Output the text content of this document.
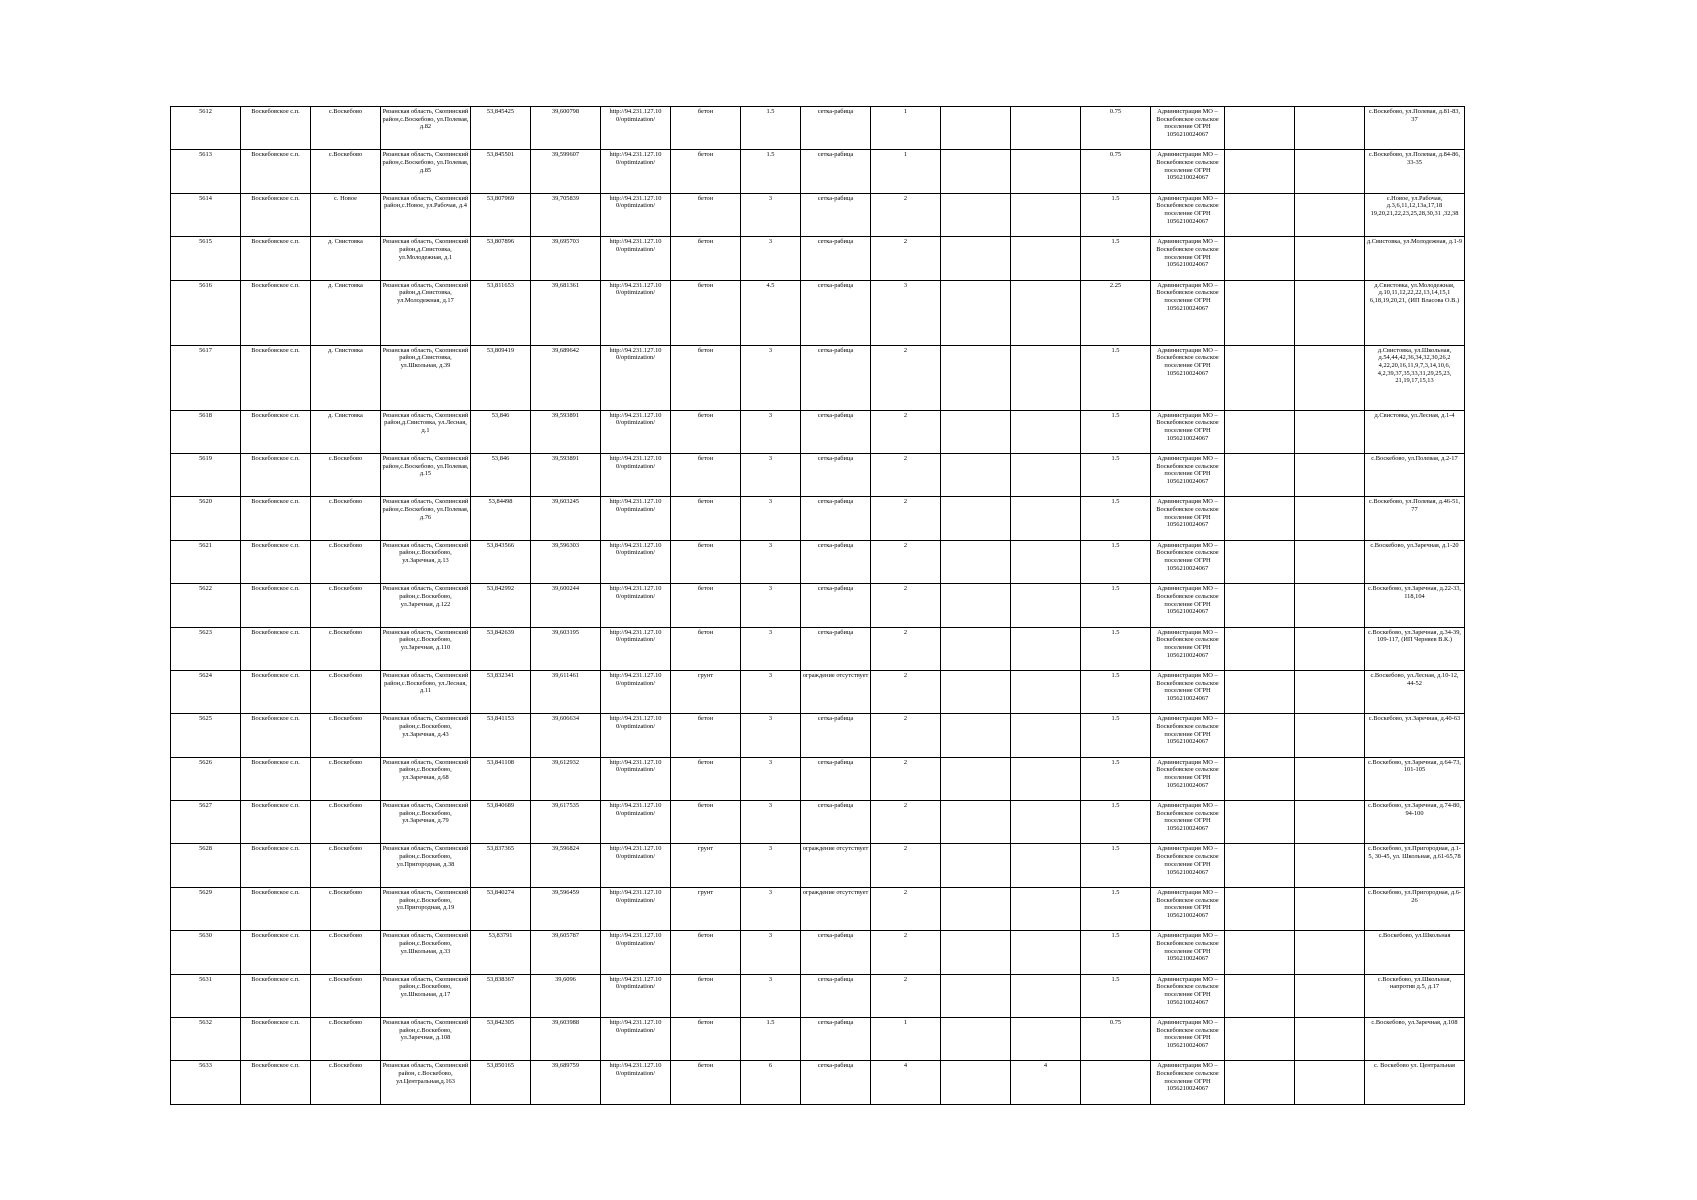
5612	Воскебовское с.п.	с.Воскебово	Рязанская область, Скопинский район,с.Воскебово, ул.Полевая, д.82	53,845425	39,600798	http://94.231.127.10 0/optimization/	бетон	1.5	сетка-рабица	1			0.75	Администрация МО – Воскебовское сельское поселение ОГРН 1056210024067			с.Воскебово, ул.Полевая, д.81-83, 37
5613	Воскебовское с.п.	с.Воскебово	Рязанская область, Скопинский район,с.Воскебово, ул.Полевая, д.85	53,845501	39,599607	http://94.231.127.10 0/optimization/	бетон	1.5	сетка-рабица	1			0.75	Администрация МО – Воскебовское сельское поселение ОГРН 1056210024067			с.Воскебово, ул.Полевая, д.84-86, 33-35
5614	Воскебовское с.п.	с. Новое	Рязанская область, Скопинский район,с.Новое, ул.Рабочая, д.4	53,807969	39,705839	http://94.231.127.10 0/optimization/	бетон	3	сетка-рабица	2			1.5	Администрация МО – Воскебовское сельское поселение ОГРН 1056210024067			с.Новое, ул.Рабочая, д.3,6,11,12,13а,17,18 19,20,21,22,23,25,28,30,31 ,32,38
5615	Воскебовское с.п.	д. Свистовка	Рязанская область, Скопинский район,д.Свистовка, ул.Молодежная, д.1	53,807896	39,695703	http://94.231.127.10 0/optimization/	бетон	3	сетка-рабица	2			1.5	Администрация МО – Воскебовское сельское поселение ОГРН 1056210024067			д.Свистовка, ул.Молодежная, д.1-9
5616	Воскебовское с.п.	д. Свистовка	Рязанская область, Скопинский район,д.Свистовка, ул.Молодежная, д.17	53,811653	39,681361	http://94.231.127.10 0/optimization/	бетон	4.5	сетка-рабица	3			2.25	Администрация МО – Воскебовское сельское поселение ОГРН 1056210024067			д.Свистовка, ул.Молодежная, д.10,11,12,22,22,13,14,15,1 6,18,19,20,21, (ИП Власова О.В.)
5617	Воскебовское с.п.	д. Свистовка	Рязанская область, Скопинский район,д.Свистовка, ул.Школьная, д.39	53,809419	39,689642	http://94.231.127.10 0/optimization/	бетон	3	сетка-рабица	2			1.5	Администрация МО – Воскебовское сельское поселение ОГРН 1056210024067			д.Свистовка, ул.Школьная, д.54,44,42,36,34,32,30,26,2 4,22,20,16,11,9,7,3,14,10,6, 4,2,39,37,35,33,31,29,25,23, 21,19,17,15,13
5618	Воскебовское с.п.	д. Свистовка	Рязанская область, Скопинский район,д.Свистовка, ул.Лесная, д.1	53,846	39,593891	http://94.231.127.10 0/optimization/	бетон	3	сетка-рабица	2			1.5	Администрация МО – Воскебовское сельское поселение ОГРН 1056210024067			д.Свистовка, ул.Лесная, д.1-4
5619	Воскебовское с.п.	с.Воскебово	Рязанская область, Скопинский район,с.Воскебово, ул.Полевая, д.15	53,846	39,593891	http://94.231.127.10 0/optimization/	бетон	3	сетка-рабица	2			1.5	Администрация МО – Воскебовское сельское поселение ОГРН 1056210024067			с.Воскебово, ул.Полевая, д.2-17
5620	Воскебовское с.п.	с.Воскебово	Рязанская область, Скопинский район,с.Воскебово, ул.Полевая, д.76	53,84498	39,603245	http://94.231.127.10 0/optimization/	бетон	3	сетка-рабица	2			1.5	Администрация МО – Воскебовское сельское поселение ОГРН 1056210024067			с.Воскебово, ул.Полевая, д.46-51, 77
5621	Воскебовское с.п.	с.Воскебово	Рязанская область, Скопинский район,с.Воскебово, ул.Заречная, д.13	53,843566	39,596303	http://94.231.127.10 0/optimization/	бетон	3	сетка-рабица	2			1.5	Администрация МО – Воскебовское сельское поселение ОГРН 1056210024067			с.Воскебово, ул.Заречная, д.1-20
5622	Воскебовское с.п.	с.Воскебово	Рязанская область, Скопинский район,с.Воскебово, ул.Заречная, д.122	53,842992	39,600244	http://94.231.127.10 0/optimization/	бетон	3	сетка-рабица	2			1.5	Администрация МО – Воскебовское сельское поселение ОГРН 1056210024067			с.Воскебово, ул.Заречная, д.22-33, 118,104
5623	Воскебовское с.п.	с.Воскебово	Рязанская область, Скопинский район,с.Воскебово, ул.Заречная, д.110	53,842639	39,603195	http://94.231.127.10 0/optimization/	бетон	3	сетка-рабица	2			1.5	Администрация МО – Воскебовское сельское поселение ОГРН 1056210024067			с.Воскебово, ул.Заречная, д.34-39, 109-117, (ИП Черняев В.К.)
5624	Воскебовское с.п.	с.Воскебово	Рязанская область, Скопинский район,с.Воскебово, ул.Лесная, д.11	53,832341	39,611461	http://94.231.127.10 0/optimization/	грунт	3	ограждение отсутствует	2			1.5	Администрация МО – Воскебовское сельское поселение ОГРН 1056210024067			с.Воскебово, ул.Лесная, д.10-12, 44-52
5625	Воскебовское с.п.	с.Воскебово	Рязанская область, Скопинский район,с.Воскебово, ул.Заречная, д.43	53,841153	39,606634	http://94.231.127.10 0/optimization/	бетон	3	сетка-рабица	2			1.5	Администрация МО – Воскебовское сельское поселение ОГРН 1056210024067			с.Воскебово, ул.Заречная, д.40-63
5626	Воскебовское с.п.	с.Воскебово	Рязанская область, Скопинский район,с.Воскебово, ул.Заречная, д.68	53,841108	39,612932	http://94.231.127.10 0/optimization/	бетон	3	сетка-рабица	2			1.5	Администрация МО – Воскебовское сельское поселение ОГРН 1056210024067			с.Воскебово, ул.Заречная, д.64-73, 101-105
5627	Воскебовское с.п.	с.Воскебово	Рязанская область, Скопинский район,с.Воскебово, ул.Заречная, д.79	53,840689	39,617535	http://94.231.127.10 0/optimization/	бетон	3	сетка-рабица	2			1.5	Администрация МО – Воскебовское сельское поселение ОГРН 1056210024067			с.Воскебово, ул.Заречная, д.74-80, 94-100
5628	Воскебовское с.п.	с.Воскебово	Рязанская область, Скопинский район,с.Воскебово, ул.Пригородная, д.38	53,837365	39,596824	http://94.231.127.10 0/optimization/	грунт	3	ограждение отсутствует	2			1.5	Администрация МО – Воскебовское сельское поселение ОГРН 1056210024067			с.Воскебово, ул.Пригородная, д.1-5, 30-45, ул. Школьная, д.61-65,78
5629	Воскебовское с.п.	с.Воскебово	Рязанская область, Скопинский район,с.Воскебово, ул.Пригородная, д.19	53,840274	39,596459	http://94.231.127.10 0/optimization/	грунт	3	ограждение отсутствует	2			1.5	Администрация МО – Воскебовское сельское поселение ОГРН 1056210024067			с.Воскебово, ул.Пригородная, д.6-26
5630	Воскебовское с.п.	с.Воскебово	Рязанская область, Скопинский район,с.Воскебово, ул.Школьная, д.33	53,83791	39,605787	http://94.231.127.10 0/optimization/	бетон	3	сетка-рабица	2			1.5	Администрация МО – Воскебовское сельское поселение ОГРН 1056210024067			с.Воскебово, ул.Школьная
5631	Воскебовское с.п.	с.Воскебово	Рязанская область, Скопинский район,с.Воскебово, ул.Школьная, д.17	53,838367	39,6096	http://94.231.127.10 0/optimization/	бетон	3	сетка-рабица	2			1.5	Администрация МО – Воскебовское сельское поселение ОГРН 1056210024067			с.Воскебово, ул.Школьная, напротив д.5, д.17
5632	Воскебовское с.п.	с.Воскебово	Рязанская область, Скопинский район,с.Воскебово, ул.Заречная, д.108	53,842305	39,603988	http://94.231.127.10 0/optimization/	бетон	1.5	сетка-рабица	1			0.75	Администрация МО – Воскебовское сельское поселение ОГРН 1056210024067			с.Воскебово, ул.Заречная, д.108
5633	Воскебовское с.п.	с.Воскебово	Рязанская область, Скопинский район, с.Воскебово, ул.Центральная,д.163	53,850165	39,689759	http://94.231.127.10 0/optimization/	бетон	6	сетка-рабица	4		4		Администрация МО – Воскебовское сельское поселение ОГРН 1056210024067			с. Воскебово ул. Центральная
